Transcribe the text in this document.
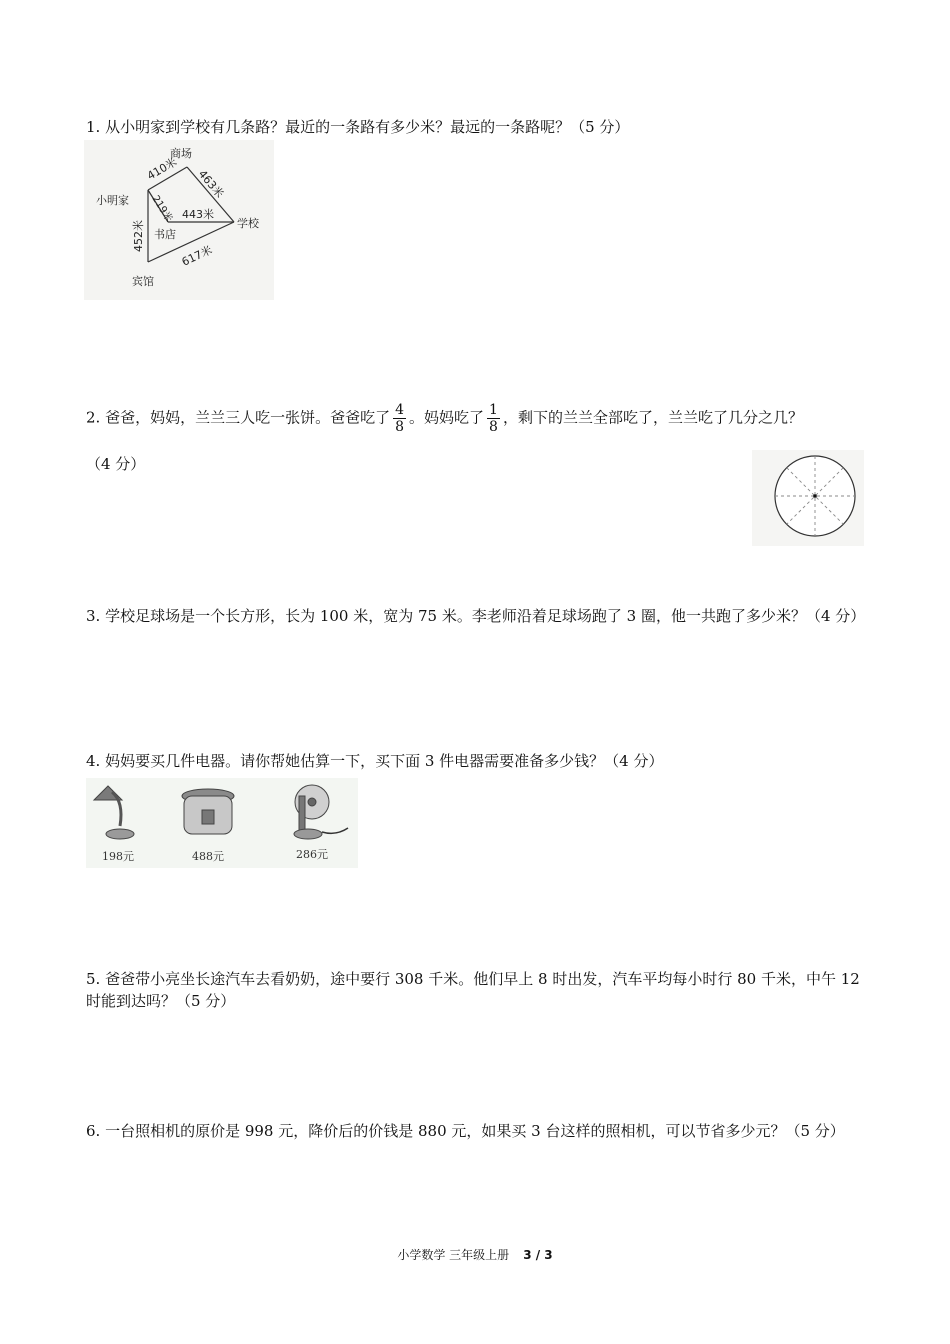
1. 从小明家到学校有几条路？最近的一条路有多少米？最远的一条路呢？（5 分）
商场
小明家
学校
书店
宾馆
410米 463米
219米 443米
452米
617米
2. 爸爸，妈妈，兰兰三人吃一张饼。爸爸吃了 $\frac{4}{8}$ 。妈妈吃了 $\frac{1}{8}$ ，剩下的兰兰全部吃了，兰兰吃了几分之几？
（4 分）
3. 学校足球场是一个长方形，长为 100 米，宽为 75 米。李老师沿着足球场跑了 3 圈，他一共跑了多少米？（4 分）
4. 妈妈要买几件电器。请你帮她估算一下，买下面 3 件电器需要准备多少钱？（4 分）
198元	488元	286元
5. 爸爸带小亮坐长途汽车去看奶奶，途中要行 308 千米。他们早上 8 时出发，汽车平均每小时行 80 千米，中午 12 时能到达吗？（5 分）
6. 一台照相机的原价是 998 元，降价后的价钱是 880 元，如果买 3 台这样的照相机，可以节省多少元？（5 分）
小学数学 三年级上册 3 / 3
